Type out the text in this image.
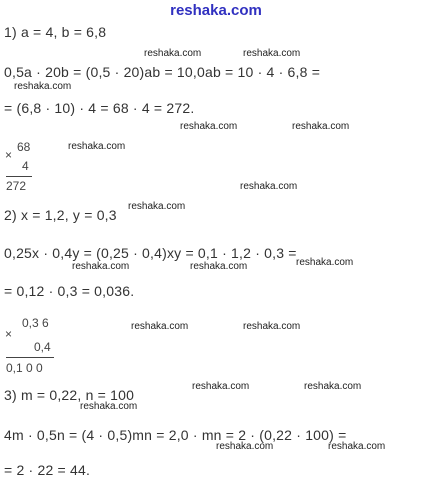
reshaka.com
1) a = 4, b = 6,8
reshaka.com	reshaka.com
0,5a · 20b = (0,5 · 20)ab = 10,0ab = 10 · 4 · 6,8 =
reshaka.com
= (6,8 · 10) · 4 = 68 · 4 = 272.
reshaka.com	reshaka.com
×
68
4
272
reshaka.com
reshaka.com
reshaka.com
2) x = 1,2, y = 0,3
0,25x · 0,4y = (0,25 · 0,4)xy = 0,1 · 1,2 · 0,3 =
reshaka.com	reshaka.com	reshaka.com
= 0,12 · 0,3 = 0,036.
×
0,3 6	reshaka.com	reshaka.com
0,4
0,1 0 0
reshaka.com	reshaka.com
3) m = 0,22, n = 100
reshaka.com
4m · 0,5n = (4 · 0,5)mn = 2,0 · mn = 2 · (0,22 · 100) =
reshaka.com	reshaka.com
= 2 · 22 = 44.
